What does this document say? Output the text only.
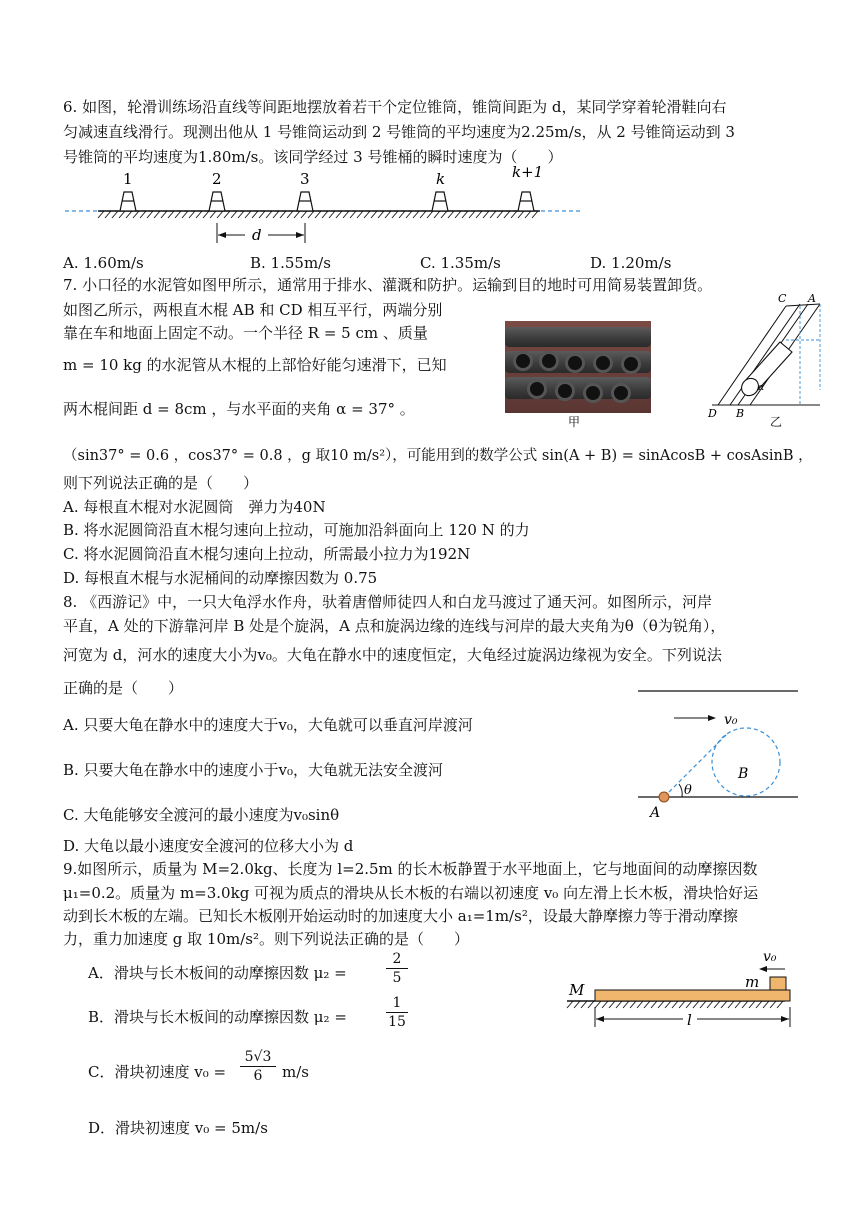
6. 如图，轮滑训练场沿直线等间距地摆放着若干个定位锥筒，锥筒间距为 d，某同学穿着轮滑鞋向右
匀减速直线滑行。现测出他从 1 号锥筒运动到 2 号锥筒的平均速度为2.25m/s，从 2 号锥筒运动到 3
号锥筒的平均速度为1.80m/s。该同学经过 3 号锥桶的瞬时速度为（　　）
1	2	3	k	k+1
d
A. 1.60m/s	B. 1.55m/s	C. 1.35m/s	D. 1.20m/s
7. 小口径的水泥管如图甲所示，通常用于排水、灌溉和防护。运输到目的地时可用简易装置卸货。
如图乙所示，两根直木棍 AB 和 CD 相互平行，两端分别
靠在车和地面上固定不动。一个半径 R = 5 cm 、质量
m = 10 kg 的水泥管从木棍的上部恰好能匀速滑下，已知
两木棍间距 d = 8cm ，与水平面的夹角 α = 37° 。
（sin37° = 0.6 ，cos37° = 0.8 ，g 取10 m/s²），可能用到的数学公式 sin(A + B) = sinAcosB + cosAsinB ，
则下列说法正确的是（　　）
甲
C A
D B
α
乙
A. 每根直木棍对水泥圆筒　弹力为40N
B. 将水泥圆筒沿直木棍匀速向上拉动，可施加沿斜面向上 120 N 的力
C. 将水泥圆筒沿直木棍匀速向上拉动，所需最小拉力为192N
D. 每根直木棍与水泥桶间的动摩擦因数为 0.75
8. 《西游记》中，一只大龟浮水作舟，驮着唐僧师徒四人和白龙马渡过了通天河。如图所示，河岸
平直，A 处的下游靠河岸 B 处是个旋涡，A 点和旋涡边缘的连线与河岸的最大夹角为θ（θ为锐角），
河宽为 d，河水的速度大小为v₀。大龟在静水中的速度恒定，大龟经过旋涡边缘视为安全。下列说法
正确的是（　　）
A. 只要大龟在静水中的速度大于v₀，大龟就可以垂直河岸渡河
B. 只要大龟在静水中的速度小于v₀，大龟就无法安全渡河
C. 大龟能够安全渡河的最小速度为v₀sinθ
D. 大龟以最小速度安全渡河的位移大小为 d
v₀
B
θ
A
9.如图所示，质量为 M=2.0kg、长度为 l=2.5m 的长木板静置于水平地面上，它与地面间的动摩擦因数
μ₁=0.2。质量为 m=3.0kg 可视为质点的滑块从长木板的右端以初速度 v₀ 向左滑上长木板，滑块恰好运
动到长木板的左端。已知长木板刚开始运动时的加速度大小 a₁=1m/s²，设最大静摩擦力等于滑动摩擦
力，重力加速度 g 取 10m/s²。则下列说法正确的是（　　）
A．滑块与长木板间的动摩擦因数 μ₂ =	$\frac{2}{5}$
B．滑块与长木板间的动摩擦因数 μ₂ =	$\frac{1}{15}$
C．滑块初速度 $v_0 = \frac{5√3}{6} m/s$
D．滑块初速度 v₀ = 5m/s
v₀
M	m
l
